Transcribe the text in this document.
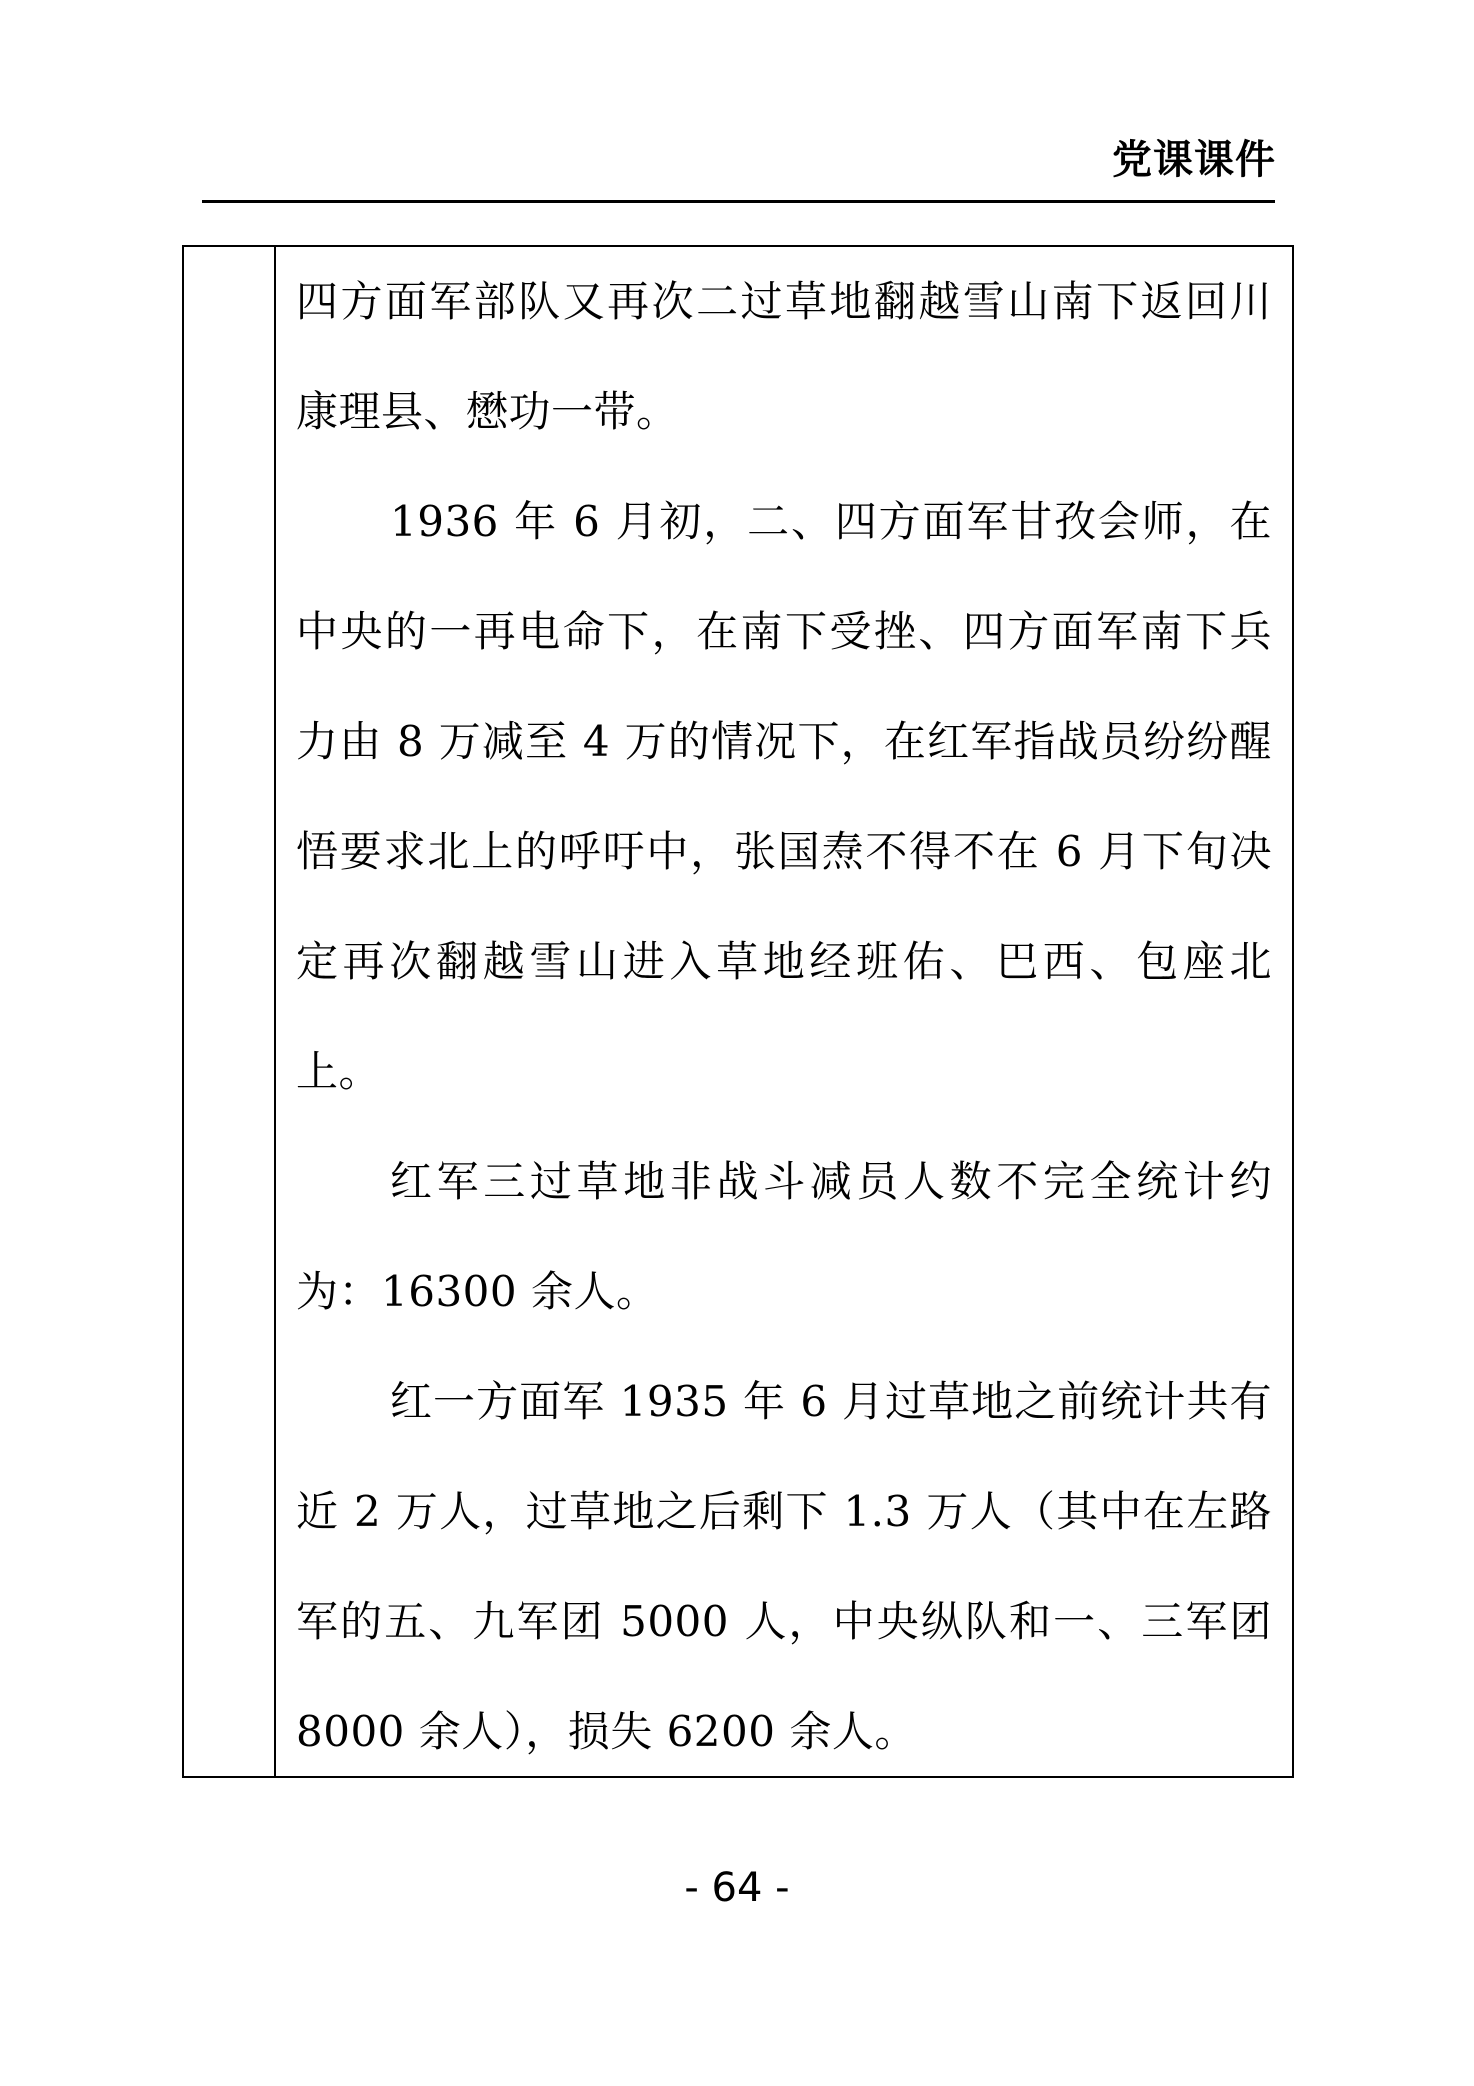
党课课件

四方面军部队又再次二过草地翻越雪山南下返回川康理县、懋功一带。

1936 年 6 月初，二、四方面军甘孜会师，在中央的一再电命下，在南下受挫、四方面军南下兵力由 8 万减至 4 万的情况下，在红军指战员纷纷醒悟要求北上的呼吁中，张国焘不得不在 6 月下旬决定再次翻越雪山进入草地经班佑、巴西、包座北上。

红军三过草地非战斗减员人数不完全统计约为：16300 余人。

红一方面军 1935 年 6 月过草地之前统计共有近 2 万人，过草地之后剩下 1.3 万人（其中在左路军的五、九军团 5000 人，中央纵队和一、三军团 8000 余人），损失 6200 余人。

- 64 -
